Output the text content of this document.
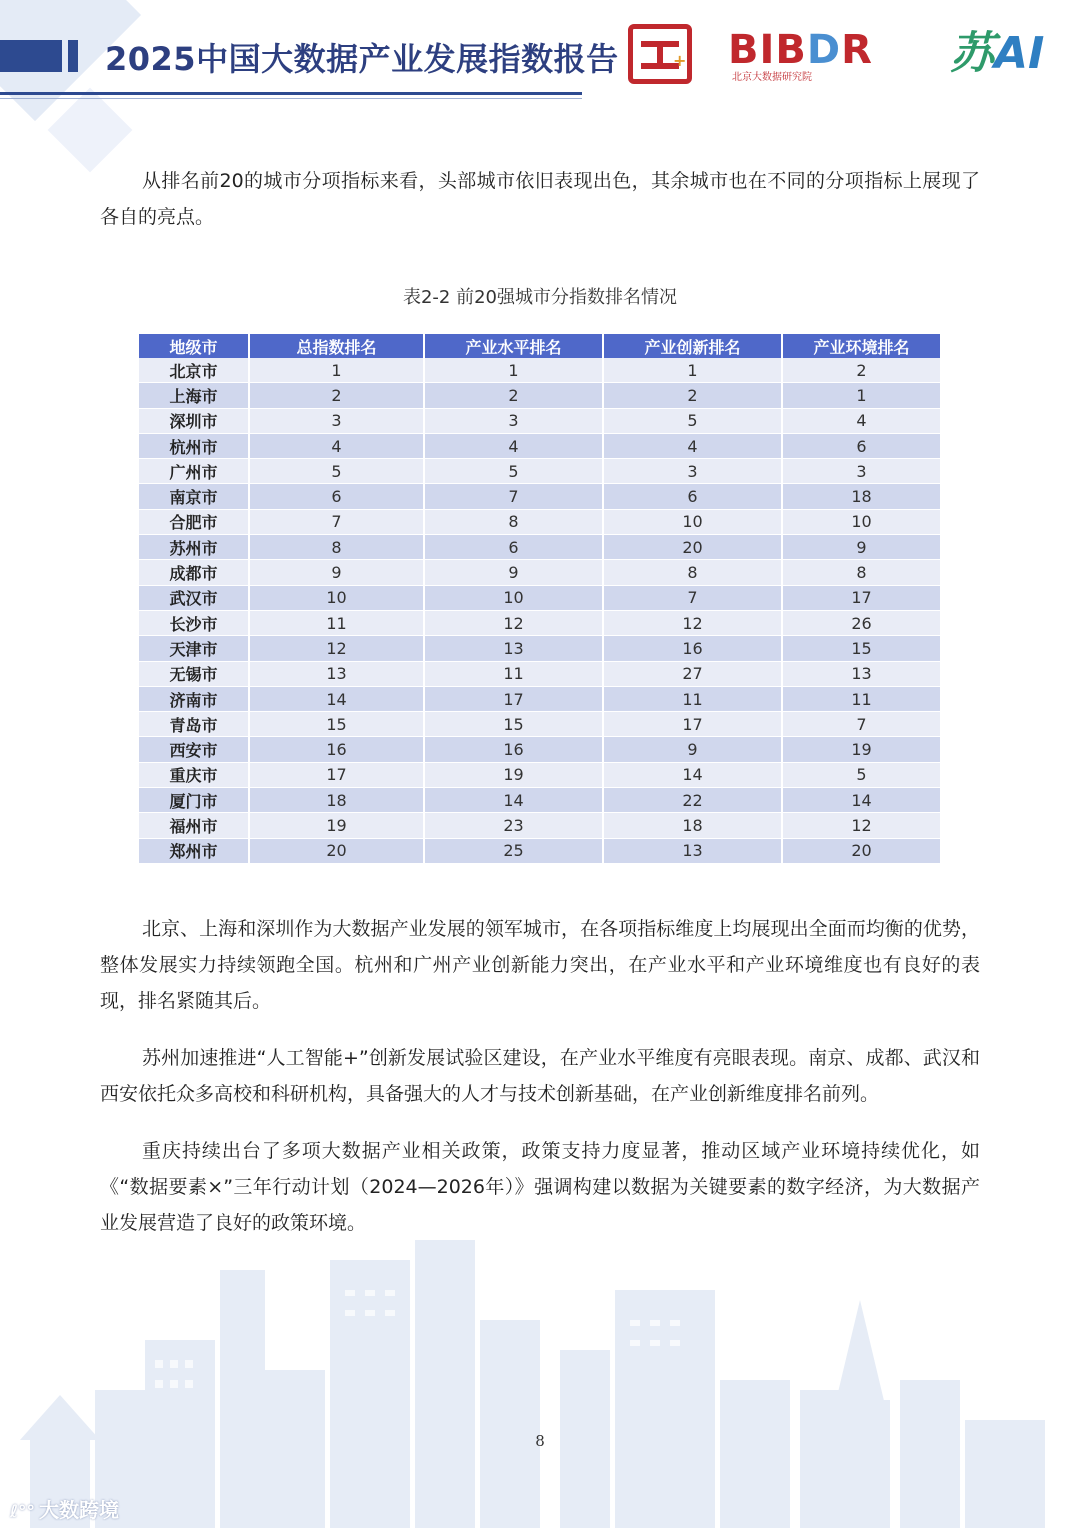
2025中国大数据产业发展指数报告	+ BIBDR
北京大数据研究院	苏AI
从排名前20的城市分项指标来看，头部城市依旧表现出色，其余城市也在不同的分项指标上展现了各自的亮点。
表2-2 前20强城市分指数排名情况
地级市	总指数排名	产业水平排名	产业创新排名	产业环境排名
北京市	1	1	1	2
上海市	2	2	2	1
深圳市	3	3	5	4
杭州市	4	4	4	6
广州市	5	5	3	3
南京市	6	7	6	18
合肥市	7	8	10	10
苏州市	8	6	20	9
成都市	9	9	8	8
武汉市	10	10	7	17
长沙市	11	12	12	26
天津市	12	13	16	15
无锡市	13	11	27	13
济南市	14	17	11	11
青岛市	15	15	17	7
西安市	16	16	9	19
重庆市	17	19	14	5
厦门市	18	14	22	14
福州市	19	23	18	12
郑州市	20	25	13	20
北京、上海和深圳作为大数据产业发展的领军城市，在各项指标维度上均展现出全面而均衡的优势，整体发展实力持续领跑全国。杭州和广州产业创新能力突出，在产业水平和产业环境维度也有良好的表现，排名紧随其后。
苏州加速推进“人工智能+”创新发展试验区建设，在产业水平维度有亮眼表现。南京、成都、武汉和西安依托众多高校和科研机构，具备强大的人才与技术创新基础，在产业创新维度排名前列。
重庆持续出台了多项大数据产业相关政策，政策支持力度显著，推动区域产业环境持续优化，如《“数据要素×”三年行动计划（2024—2026年）》强调构建以数据为关键要素的数字经济，为大数据产业发展营造了良好的政策环境。
8
ℓ°° 大数跨境
